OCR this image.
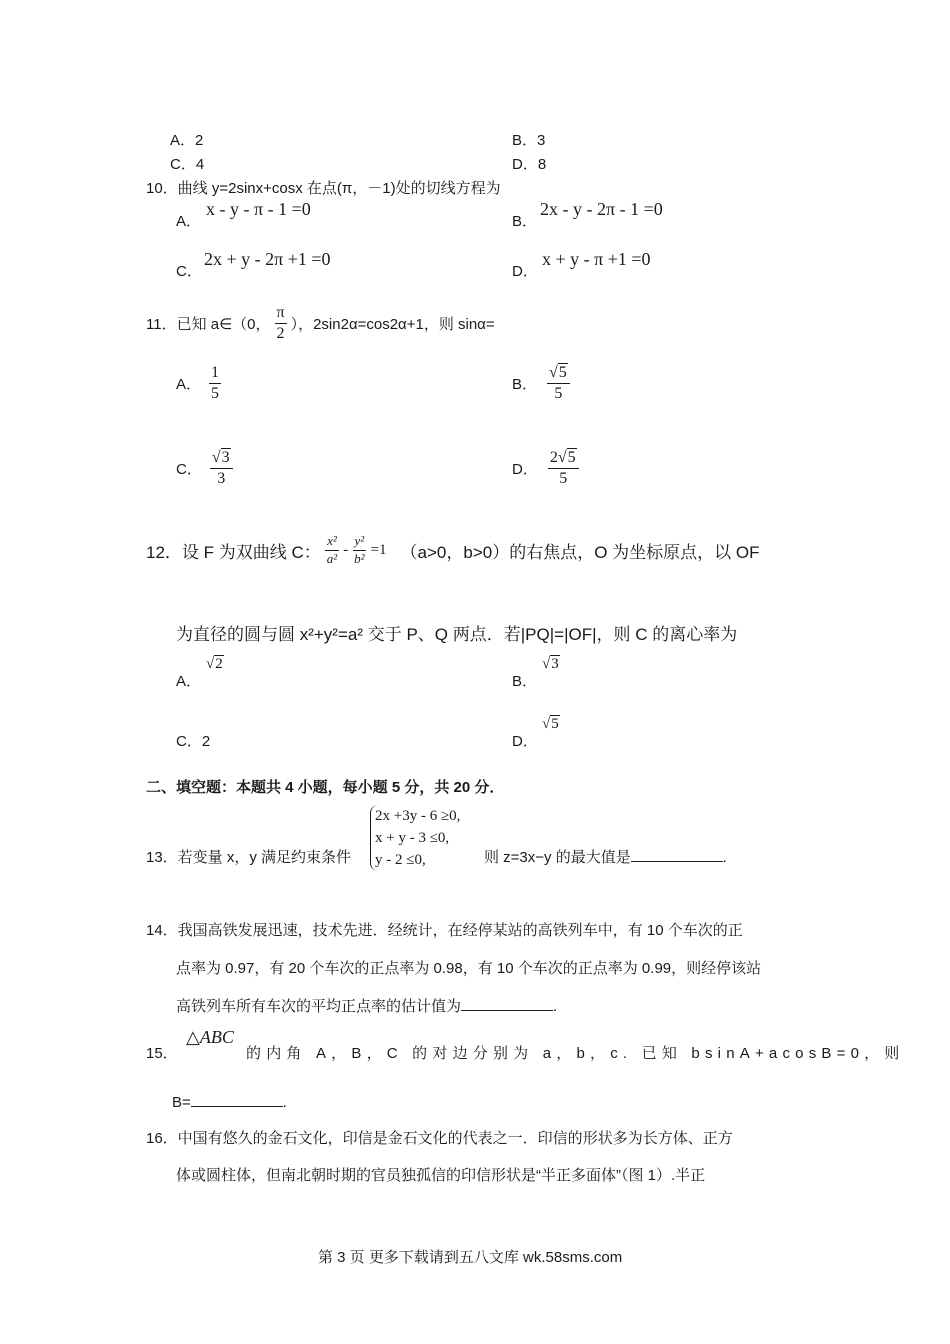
A．2	B．3
C．4	D．8
10．曲线 y=2sinx+cosx 在点(π，－1)处的切线方程为
A．
x - y - π - 1 =0
B．
2x - y - 2π - 1 =0
C．
2x + y - 2π +1 =0
D．
x + y - π +1 =0
11．已知 a∈（0， $\frac{\pi}{2}$ ），2sin2α=cos2α+1，则 sinα=
A． $\frac{1}{5}$	B． $\frac{√5}{5}$
C． $\frac{√3}{3}$	D． $\frac{2√5}{5}$
12．设 F 为双曲线 C： $\frac{\text{x²}}{\text{a²}} - \frac{\text{y²}}{\text{b²}} =1$ （a>0，b>0）的右焦点，O 为坐标原点，以 OF
为直径的圆与圆 x²+y²=a² 交于 P、Q 两点．若|PQ|=|OF|，则 C 的离心率为
A．
√2
B．
√3
C．2	D．
√5
二、填空题：本题共 4 小题，每小题 5 分，共 20 分．
13．若变量 x，y 满足约束条件
2x +3y - 6 ≥0,
x + y - 3 ≤0,
y - 2 ≤0,	则 z=3x−y 的最大值是	.
14．我国高铁发展迅速，技术先进．经统计，在经停某站的高铁列车中，有 10 个车次的正
点率为 0.97，有 20 个车次的正点率为 0.98，有 10 个车次的正点率为 0.99，则经停该站
高铁列车所有车次的平均正点率的估计值为	.
15．
△ABC
的内角 A，B，C 的对边分别为 a，b，c. 已知 bsinA+acosB=0，则
B=	.
16．中国有悠久的金石文化，印信是金石文化的代表之一．印信的形状多为长方体、正方
体或圆柱体，但南北朝时期的官员独孤信的印信形状是“半正多面体”（图 1）.半正
第 3 页 更多下载请到五八文库 wk.58sms.com
